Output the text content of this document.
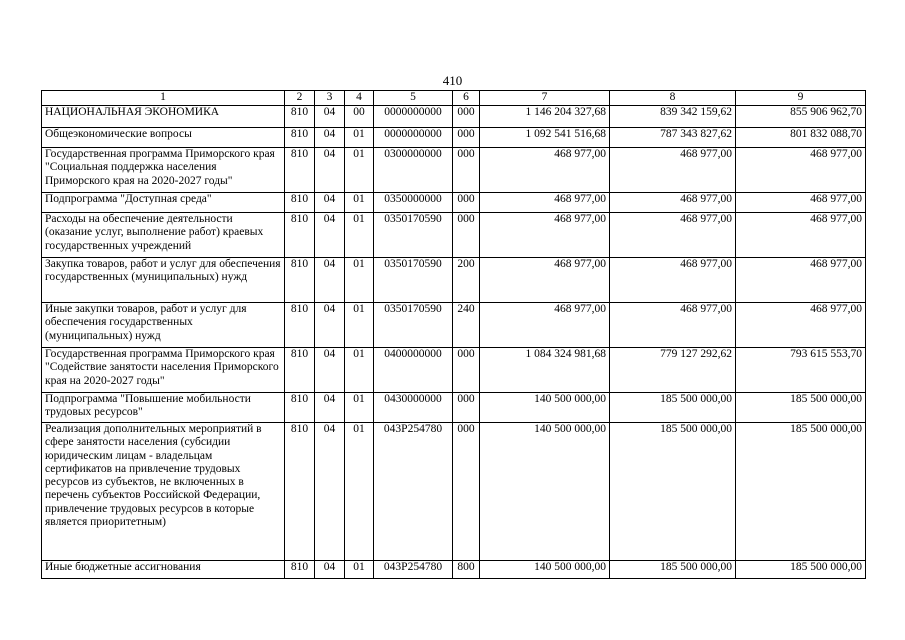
410
1	2	3	4	5	6	7	8	9
НАЦИОНАЛЬНАЯ ЭКОНОМИКА	810	04	00	0000000000	000	1 146 204 327,68	839 342 159,62	855 906 962,70
Общеэкономические вопросы	810	04	01	0000000000	000	1 092 541 516,68	787 343 827,62	801 832 088,70
Государственная программа Приморского края "Социальная поддержка населения Приморского края на 2020-2027 годы"	810	04	01	0300000000	000	468 977,00	468 977,00	468 977,00
Подпрограмма "Доступная среда"	810	04	01	0350000000	000	468 977,00	468 977,00	468 977,00
Расходы на обеспечение деятельности (оказание услуг, выполнение работ) краевых государственных учреждений	810	04	01	0350170590	000	468 977,00	468 977,00	468 977,00
Закупка товаров, работ и услуг для обеспечения государственных (муниципальных) нужд	810	04	01	0350170590	200	468 977,00	468 977,00	468 977,00
Иные закупки товаров, работ и услуг для обеспечения государственных (муниципальных) нужд	810	04	01	0350170590	240	468 977,00	468 977,00	468 977,00
Государственная программа Приморского края "Содействие занятости населения Приморского края на 2020-2027 годы"	810	04	01	0400000000	000	1 084 324 981,68	779 127 292,62	793 615 553,70
Подпрограмма "Повышение мобильности трудовых ресурсов"	810	04	01	0430000000	000	140 500 000,00	185 500 000,00	185 500 000,00
Реализация дополнительных мероприятий в сфере занятости населения (субсидии юридическим лицам - владельцам сертификатов на привлечение трудовых ресурсов из субъектов, не включенных в перечень субъектов Российской Федерации, привлечение трудовых ресурсов в которые является приоритетным)	810	04	01	043P254780	000	140 500 000,00	185 500 000,00	185 500 000,00
Иные бюджетные ассигнования	810	04	01	043P254780	800	140 500 000,00	185 500 000,00	185 500 000,00
